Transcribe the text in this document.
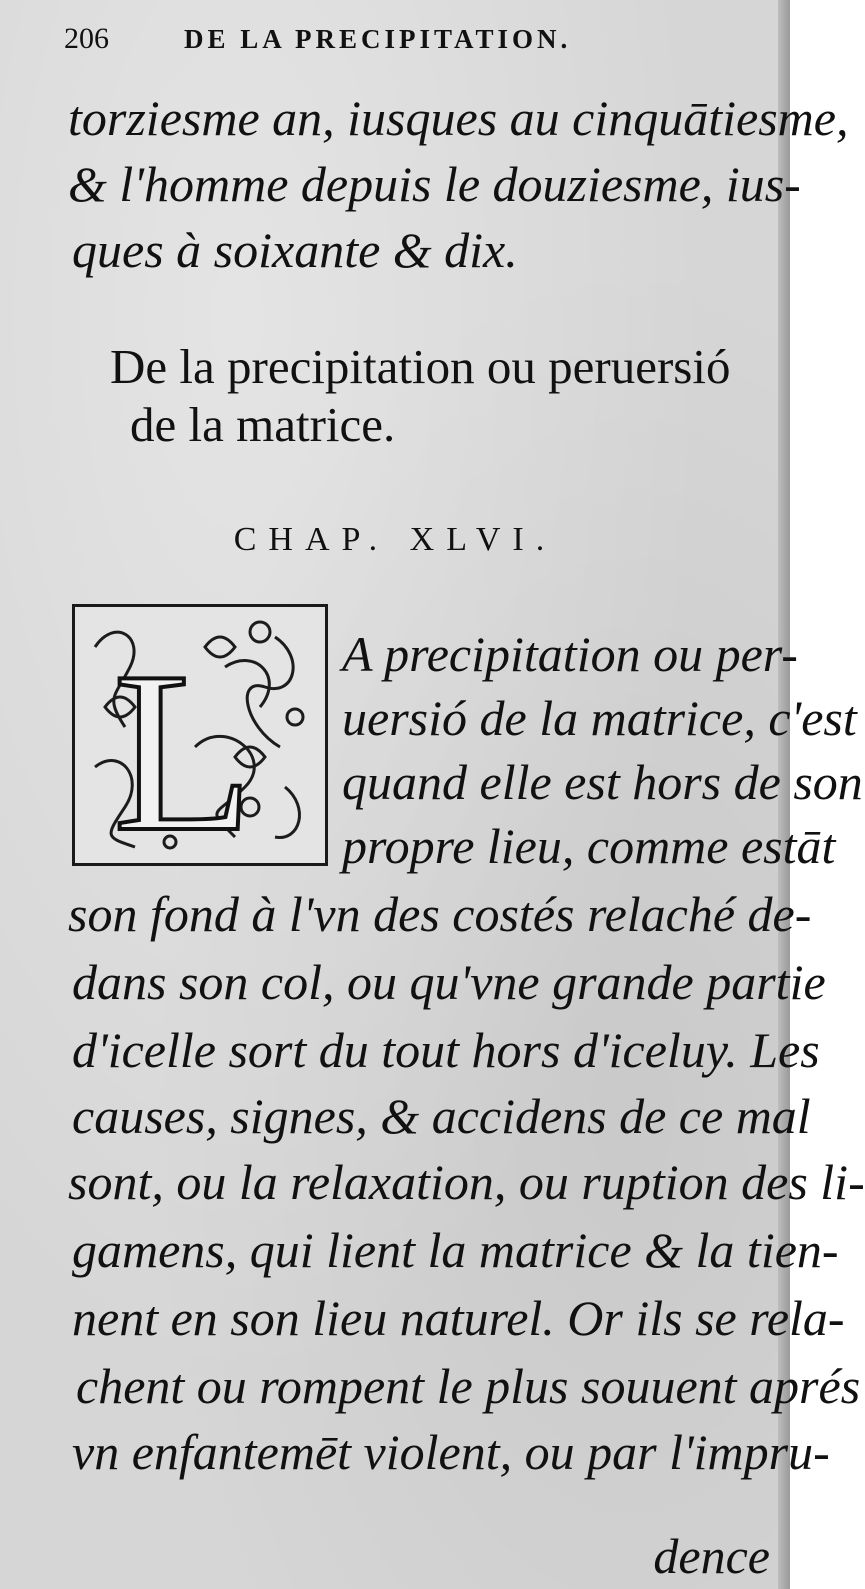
206	DE LA PRECIPITATION.
torziesme an, iusques au cinquātiesme,
& l'homme depuis le douziesme, ius-
ques à soixante & dix.
De la precipitation ou peruersió
de la matrice.
CHAP. XLVI.
L A precipitation ou per-
uersió de la matrice, c'est
quand elle est hors de son
propre lieu, comme estāt
son fond à l'vn des costés relaché de-
dans son col, ou qu'vne grande partie
d'icelle sort du tout hors d'iceluy. Les
causes, signes, & accidens de ce mal
sont, ou la relaxation, ou ruption des li-
gamens, qui lient la matrice & la tien-
nent en son lieu naturel. Or ils se rela-
chent ou rompent le plus souuent aprés
vn enfantemēt violent, ou par l'impru-
dence
